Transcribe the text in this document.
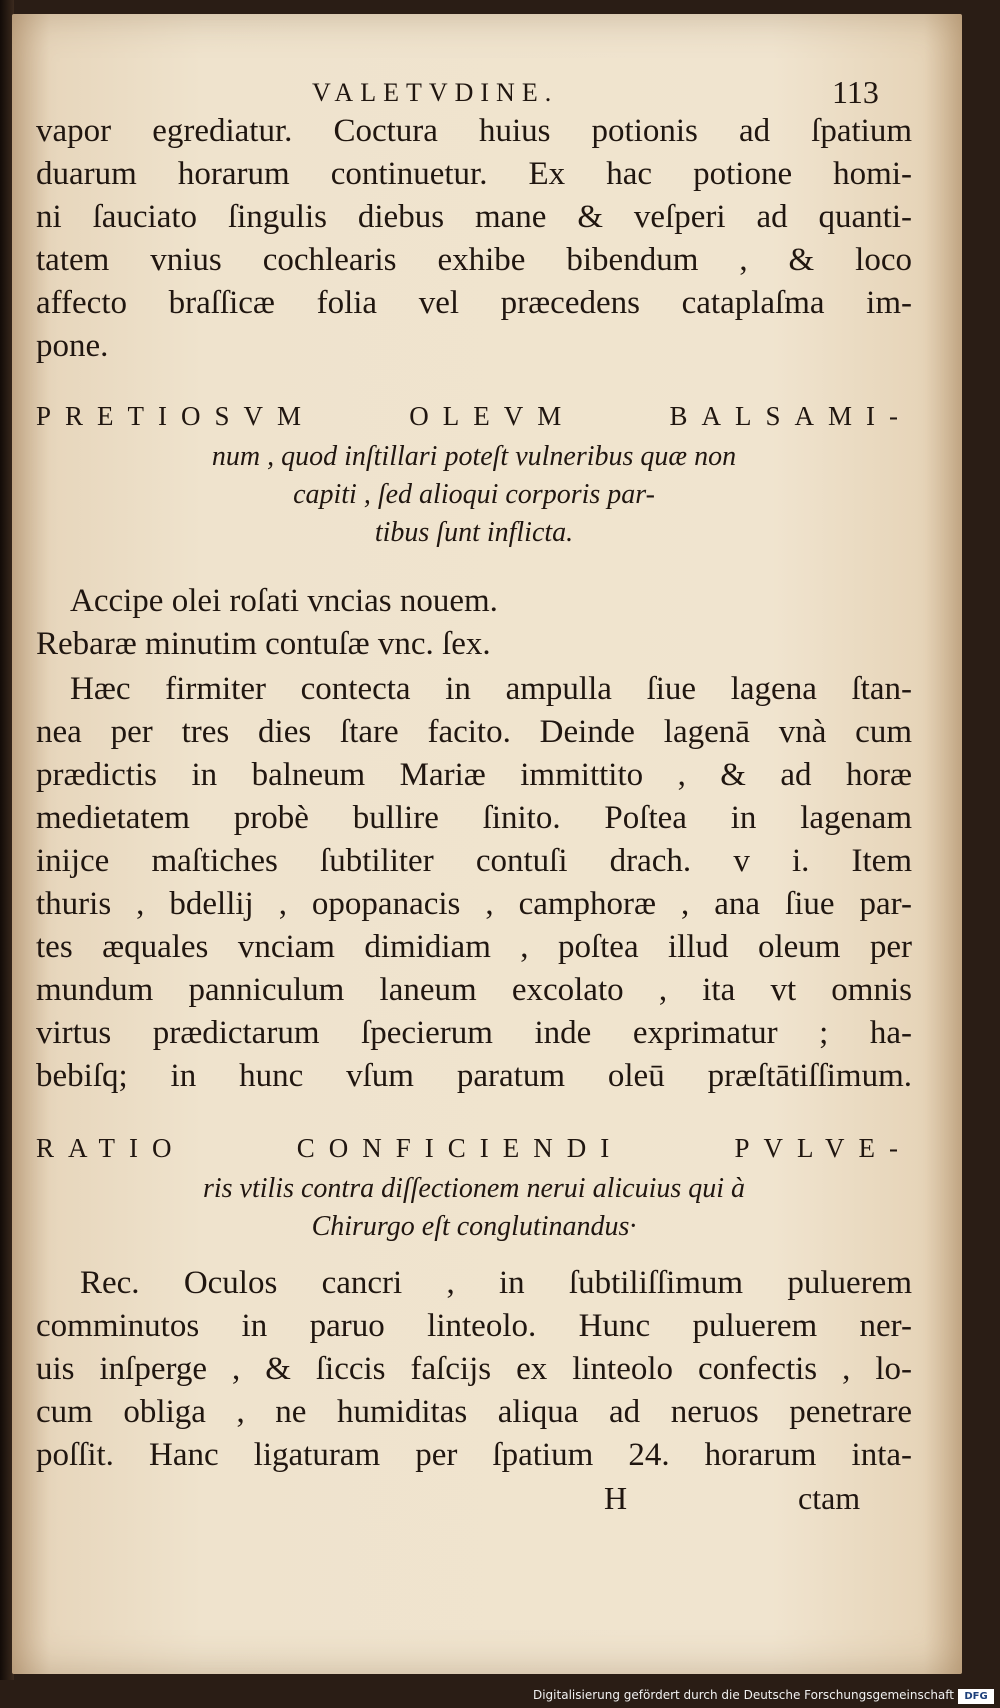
VALETVDINE.	113
vapor egrediatur. Coctura huius potionis ad ſpatium
duarum horarum continuetur. Ex hac potione homi-
ni ſauciato ſingulis diebus mane & veſperi ad quanti-
tatem vnius cochlearis exhibe bibendum , & loco
affecto braſſicæ folia vel præcedens cataplaſma im-
pone.
PRETIOSVM OLEVM BALSAMI-
num , quod inſtillari poteſt vulneribus quæ non
capiti , ſed alioqui corporis par-
tibus ſunt inflicta.
Accipe olei roſati vncias nouem.
Rebaræ minutim contuſæ vnc. ſex.
Hæc firmiter contecta in ampulla ſiue lagena ſtan-
nea per tres dies ſtare facito. Deinde lagenā vnà cum
prædictis in balneum Mariæ immittito , & ad horæ
medietatem probè bullire ſinito. Poſtea in lagenam
inijce maſtiches ſubtiliter contuſi drach. v i. Item
thuris , bdellij , opopanacis , camphoræ , ana ſiue par-
tes æquales vnciam dimidiam , poſtea illud oleum per
mundum panniculum laneum excolato , ita vt omnis
virtus prædictarum ſpecierum inde exprimatur ; ha-
bebiſq; in hunc vſum paratum oleū præſtātiſſimum.
RATIO CONFICIENDI PVLVE-
ris vtilis contra diſſectionem nerui alicuius qui à
Chirurgo eſt conglutinandus·
Rec. Oculos cancri , in ſubtiliſſimum puluerem
comminutos in paruo linteolo. Hunc puluerem ner-
uis inſperge , & ſiccis faſcijs ex linteolo confectis , lo-
cum obliga , ne humiditas aliqua ad neruos penetrare
poſſit. Hanc ligaturam per ſpatium 24. horarum inta-
H	ctam
Digitalisierung gefördert durch die Deutsche Forschungsgemeinschaft	DFG
